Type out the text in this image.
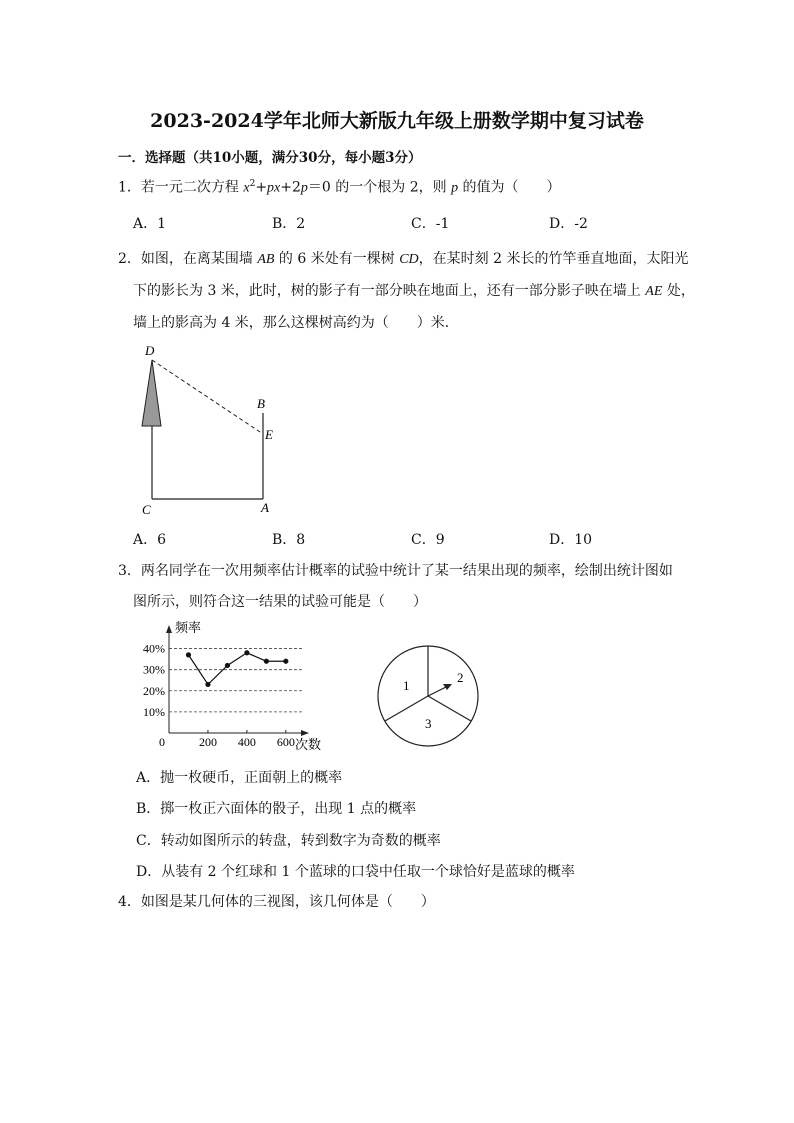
2023-2024学年北师大新版九年级上册数学期中复习试卷
一．选择题（共10小题，满分30分，每小题3分）
1．若一元二次方程 $x^2+px+2p=0$ 的一个根为 2，则 p 的值为（　　）
A．1	B．2	C．-1	D．-2
2．如图，在离某围墙 AB 的 6 米处有一棵树 CD，在某时刻 2 米长的竹竿垂直地面，太阳光
下的影长为 3 米，此时，树的影子有一部分映在地面上，还有一部分影子映在墙上 AE 处，
墙上的影高为 4 米，那么这棵树高约为（　　）米．
D
B
E
C	A
A．6	B．8	C．9	D．10
3．两名同学在一次用频率估计概率的试验中统计了某一结果出现的频率，绘制出统计图如
图所示，则符合这一结果的试验可能是（　　）
频率
次数
0
10%
20%
30%
40%
200 400 600
1
2
3
A．抛一枚硬币，正面朝上的概率
B．掷一枚正六面体的骰子，出现 1 点的概率
C．转动如图所示的转盘，转到数字为奇数的概率
D．从装有 2 个红球和 1 个蓝球的口袋中任取一个球恰好是蓝球的概率
4．如图是某几何体的三视图，该几何体是（　　）
